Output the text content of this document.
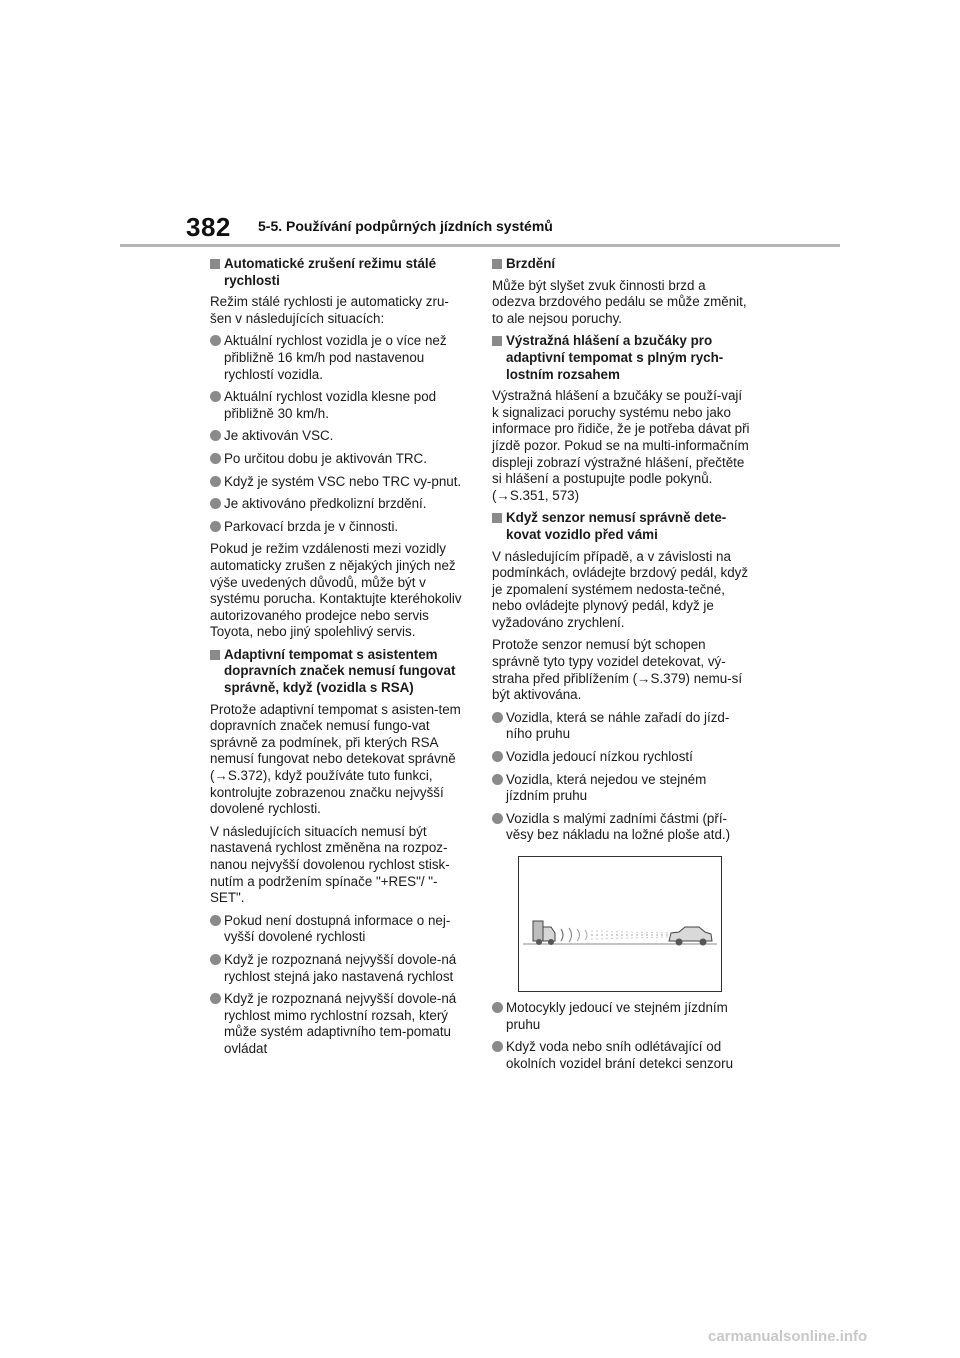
382 5-5. Používání podpůrných jízdních systémů
Automatické zrušení režimu stálé rychlosti

Režim stálé rychlosti je automaticky zru-šen v následujících situacích:

Aktuální rychlost vozidla je o více než přibližně 16 km/h pod nastavenou rychlostí vozidla.
Aktuální rychlost vozidla klesne pod přibližně 30 km/h.
Je aktivován VSC.
Po určitou dobu je aktivován TRC.
Když je systém VSC nebo TRC vy-pnut.
Je aktivováno předkolizní brzdění.
Parkovací brzda je v činnosti.

Pokud je režim vzdálenosti mezi vozidly automaticky zrušen z nějakých jiných než výše uvedených důvodů, může být v systému porucha. Kontaktujte kteréhokoliv autorizovaného prodejce nebo servis Toyota, nebo jiný spolehlivý servis.

Adaptivní tempomat s asistentem dopravních značek nemusí fungovat správně, když (vozidla s RSA)

Protože adaptivní tempomat s asisten-tem dopravních značek nemusí fungo-vat správně za podmínek, při kterých RSA nemusí fungovat nebo detekovat správně (→S.372), když používáte tuto funkci, kontrolujte zobrazenou značku nejvyšší dovolené rychlosti.

V následujících situacích nemusí být nastavená rychlost změněna na rozpoz-nanou nejvyšší dovolenou rychlost stisk-nutím a podržením spínače "+RES"/ "-SET".

Pokud není dostupná informace o nej-vyšší dovolené rychlosti
Když je rozpoznaná nejvyšší dovole-ná rychlost stejná jako nastavená rychlost
Když je rozpoznaná nejvyšší dovole-ná rychlost mimo rychlostní rozsah, který může systém adaptivního tem-pomatu ovládat
Brzdění

Může být slyšet zvuk činnosti brzd a odezva brzdového pedálu se může změnit, to ale nejsou poruchy.

Výstražná hlášení a bzučáky pro adaptivní tempomat s plným rych-lostním rozsahem

Výstražná hlášení a bzučáky se použí-vají k signalizaci poruchy systému nebo jako informace pro řidiče, že je potřeba dávat při jízdě pozor. Pokud se na multi-informačním displeji zobrazí výstražné hlášení, přečtěte si hlášení a postupujte podle pokynů. (→S.351, 573)

Když senzor nemusí správně dete-kovat vozidlo před vámi

V následujícím případě, a v závislosti na podmínkách, ovládejte brzdový pedál, když je zpomalení systémem nedosta-tečné, nebo ovládejte plynový pedál, když je vyžadováno zrychlení.

Protože senzor nemusí být schopen správně tyto typy vozidel detekovat, vý-straha před přiblížením (→S.379) nemu-sí být aktivována.

Vozidla, která se náhle zařadí do jízd-ního pruhu
Vozidla jedoucí nízkou rychlostí
Vozidla, která nejedou ve stejném jízdním pruhu
Vozidla s malými zadními částmi (pří-věsy bez nákladu na ložné ploše atd.)
Motocykly jedoucí ve stejném jízdním pruhu
Když voda nebo sníh odlétávající od okolních vozidel brání detekci senzoru
carmanualsonline.info
